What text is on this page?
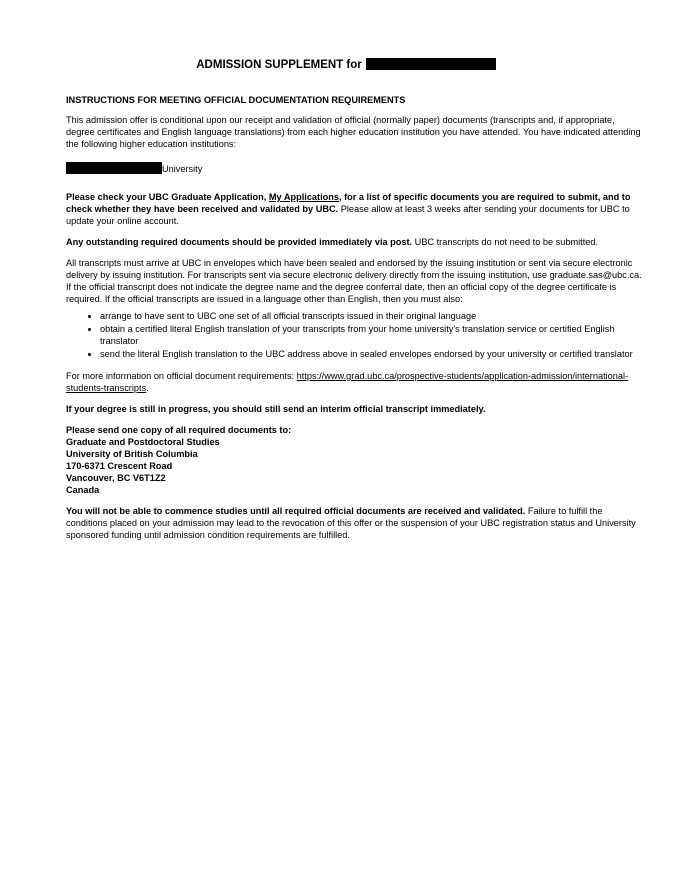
ADMISSION SUPPLEMENT for

INSTRUCTIONS FOR MEETING OFFICIAL DOCUMENTATION REQUIREMENTS

This admission offer is conditional upon our receipt and validation of official (normally paper) documents (transcripts and, if appropriate, degree certificates and English language translations) from each higher education institution you have attended. You have indicated attending the following higher education institutions:

University

Please check your UBC Graduate Application, My Applications, for a list of specific documents you are required to submit, and to check whether they have been received and validated by UBC. Please allow at least 3 weeks after sending your documents for UBC to update your online account.

Any outstanding required documents should be provided immediately via post. UBC transcripts do not need to be submitted.

All transcripts must arrive at UBC in envelopes which have been sealed and endorsed by the issuing institution or sent via secure electronic delivery by issuing institution. For transcripts sent via secure electronic delivery directly from the issuing institution, use graduate.sas@ubc.ca. If the official transcript does not indicate the degree name and the degree conferral date, then an official copy of the degree certificate is required. If the official transcripts are issued in a language other than English, then you must also:

• arrange to have sent to UBC one set of all official transcripts issued in their original language
• obtain a certified literal English translation of your transcripts from your home university's translation service or certified English translator
• send the literal English translation to the UBC address above in sealed envelopes endorsed by your university or certified translator

For more information on official document requirements: https://www.grad.ubc.ca/prospective-students/application-admission/international-students-transcripts.

If your degree is still in progress, you should still send an interim official transcript immediately.

Please send one copy of all required documents to:

Graduate and Postdoctoral Studies

University of British Columbia

170-6371 Crescent Road

Vancouver, BC V6T1Z2

Canada

You will not be able to commence studies until all required official documents are received and validated. Failure to fulfill the conditions placed on your admission may lead to the revocation of this offer or the suspension of your UBC registration status and University sponsored funding until admission condition requirements are fulfilled.
